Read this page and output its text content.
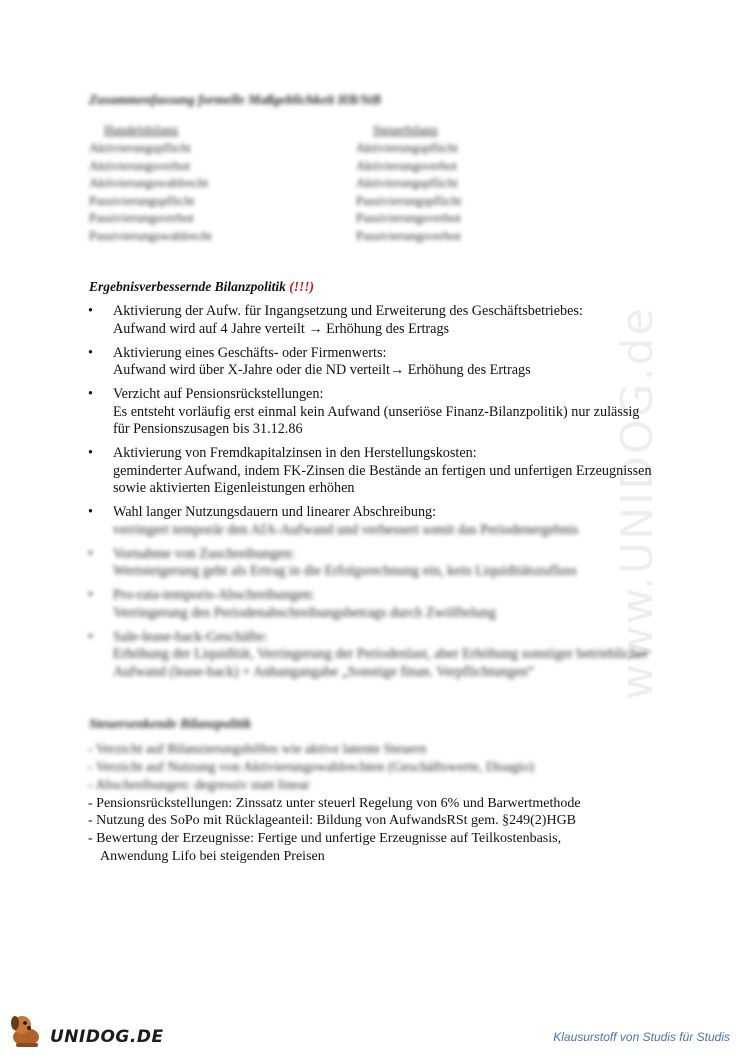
www.UNIDOG.de
Zusammenfassung formelle Maßgeblichkeit HB/StB
Handelsbilanz	Steuerbilanz
Aktivierungspflicht
Aktivierungsverbot
Aktivierungswahlrecht
Passivierungspflicht
Passivierungsverbot
Passivierungswahlrecht
Aktivierungspflicht
Aktivierungsverbot
Aktivierungspflicht
Passivierungspflicht
Passivierungsverbot
Passivierungsverbot
Ergebnisverbessernde Bilanzpolitik (!!!)
• Aktivierung der Aufw. für Ingangsetzung und Erweiterung des Geschäftsbetriebes:
Aufwand wird auf 4 Jahre verteilt → Erhöhung des Ertrags
• Aktivierung eines Geschäfts- oder Firmenwerts:
Aufwand wird über X-Jahre oder die ND verteilt→ Erhöhung des Ertrags
• Verzicht auf Pensionsrückstellungen:
Es entsteht vorläufig erst einmal kein Aufwand (unseriöse Finanz-Bilanzpolitik) nur zulässig für Pensionszusagen bis 31.12.86
• Aktivierung von Fremdkapitalzinsen in den Herstellungskosten:
geminderter Aufwand, indem FK-Zinsen die Bestände an fertigen und unfertigen Erzeugnissen sowie aktivierten Eigenleistungen erhöhen
• Wahl langer Nutzungsdauern und linearer Abschreibung:
verringert temporär den AfA-Aufwand und verbessert somit das Periodenergebnis
• Vornahme von Zuschreibungen:
Wertsteigerung geht als Ertrag in die Erfolgsrechnung ein, kein Liquiditätszufluss
• Pro-rata-temporis-Abschreibungen:
Verringerung des Periodenabschreibungsbetrags durch Zwölftelung
• Sale-lease-back-Geschäfte:
Erhöhung der Liquidität, Verringerung der Periodenlast, aber Erhöhung sonstiger betrieblicher Aufwand (lease-back) + Anhangangabe „Sonstige finan. Verpflichtungen“
Steuersenkende Bilanzpolitik
- Verzicht auf Bilanzierungshilfen wie aktive latente Steuern
- Verzicht auf Nutzung von Aktivierungswahlrechten (Geschäftswerte, Disagio)
- Abschreibungen: degressiv statt linear
- Pensionsrückstellungen: Zinssatz unter steuerl Regelung von 6% und Barwertmethode
- Nutzung des SoPo mit Rücklageanteil: Bildung von AufwandsRSt gem. §249(2)HGB
- Bewertung der Erzeugnisse: Fertige und unfertige Erzeugnisse auf Teilkostenbasis,
Anwendung Lifo bei steigenden Preisen
UNIDOG.DE	Klausurstoff von Studis für Studis
